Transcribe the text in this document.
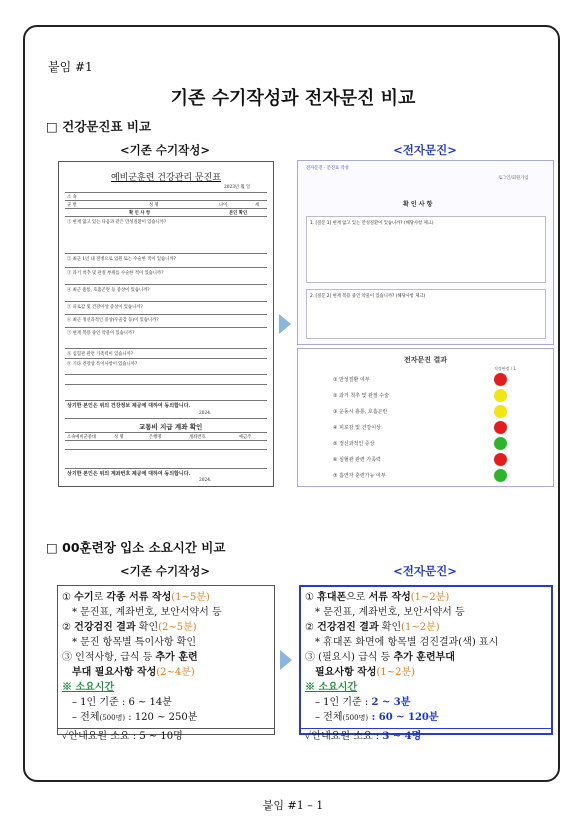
붙임 #1
기존 수기작성과 전자문진 비교
□ 건강문진표 비교
<기존 수기작성>	<전자문진>
예비군훈련 건강관리 문진표
2023년 월 일
소 속
군 번	성 명	나이	세
확 인 사 항	본인 확인
① 현재 앓고 있는 다음과 같은 만성질환이 있습니까?
② 최근 1년 내 질병으로 입원 또는 수술한 적이 있습니까?
③ 과거 척추 및 관절 부위를 수술한 적이 있습니까?
④ 최근 흉통, 호흡곤란 등 증상이 있습니까?
⑤ 피로감 및 건강이상 증상이 있습니까?
⑥ 최근 정신과적인 증상(우울감 등)이 있습니까?
⑦ 현재 복용 중인 약물이 있습니까?
⑧ 심혈관 관련 가족력이 있습니까?
⑨ 기타 건강상 특이사항이 있습니까?
상기한 본인은 위의 건강정보 제공에 대하여 동의합니다.
2024.
교통비 지급 계좌 확인
소속예비군중대	성 명	은행명	계좌번호	예금주
상기한 본인은 위의 계좌번호 제공에 대하여 동의합니다.
2024.
전자문진 · 문진표 작성
로그인/회원가입
확 인 사 항
1. [질문 1] 현재 앓고 있는 만성질환이 있습니까? (해당사항 체크)
2. [질문 2] 현재 복용 중인 약물이 있습니까? (해당사항 체크)
전자문진 결과
적정판정 / 1
① 만성질환 여부
② 과거 척추 및 관절 수술
③ 운동시 흉통, 호흡곤란
④ 피로감 및 건강이상
⑤ 정신과적인 증상
⑥ 심혈관 관련 가족력
⑦ 흡연자 훈련가능 여부
□ 00훈련장 입소 소요시간 비교
<기존 수기작성>	<전자문진>
① 수기로 각종 서류 작성(1~5분)
* 문진표, 계좌번호, 보안서약서 등
② 건강검진 결과 확인(2~5분)
* 문진 항목별 특이사항 확인
③ 인적사항, 급식 등 추가 훈련
부대 필요사항 작성(2~4분)
※ 소요시간
– 1인 기준 : 6 ~ 14분
– 전체(500명) : 120 ~ 250분
✓안내요원 소요 : 5 ~ 10명
① 휴대폰으로 서류 작성(1~2분)
* 문진표, 계좌번호, 보안서약서 등
② 건강검진 결과 확인(1~2분)
* 휴대폰 화면에 항목별 검진결과(색) 표시
③ (필요시) 급식 등 추가 훈련부대
필요사항 작성(1~2분)
※ 소요시간
– 1인 기준 : 2 ~ 3분
– 전체(500명) : 60 ~ 120분
✓안내요원 소요 : 3 ~ 4명
붙임 #1 – 1
